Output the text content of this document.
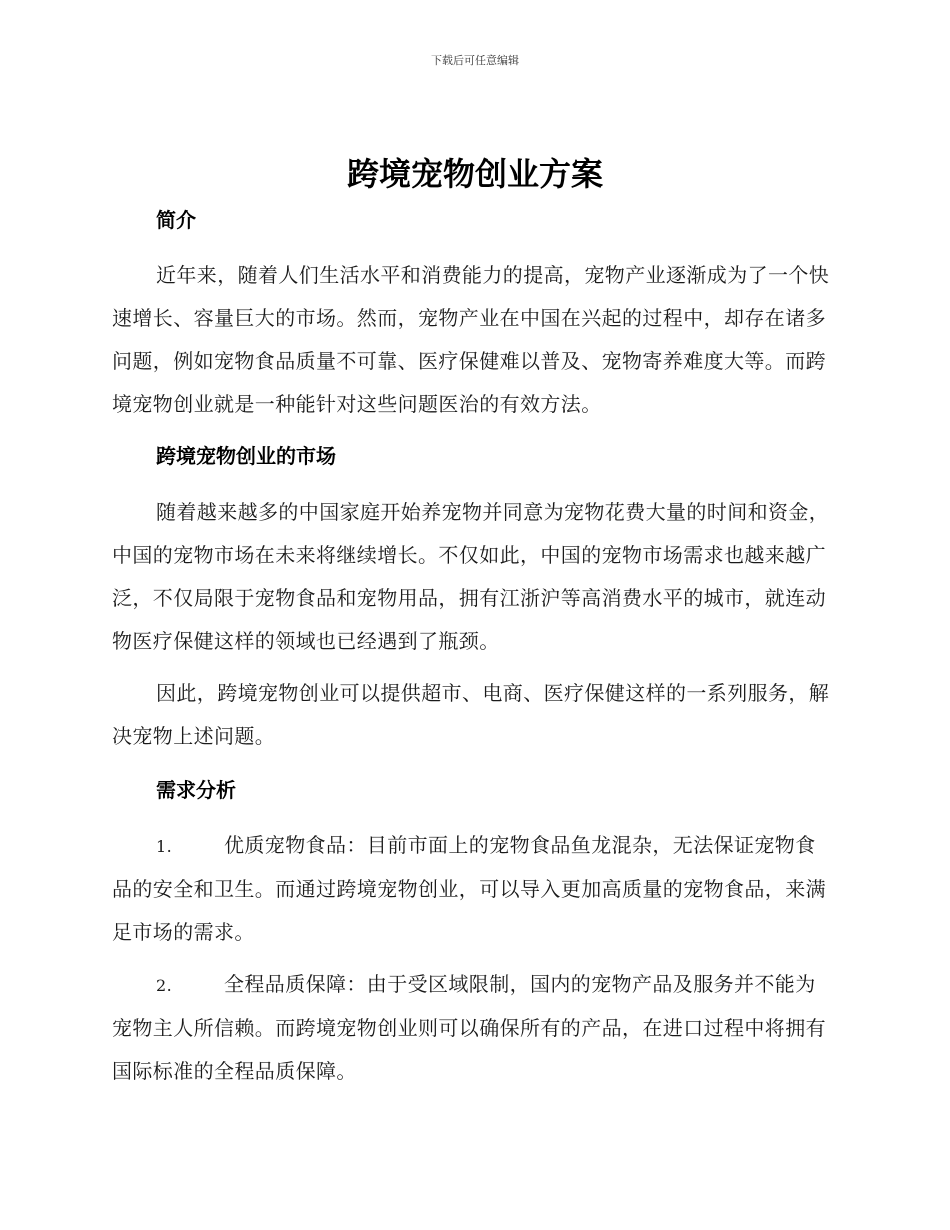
下载后可任意编辑
跨境宠物创业方案
简介

近年来，随着人们生活水平和消费能力的提高，宠物产业逐渐成为了一个快速增长、容量巨大的市场。然而，宠物产业在中国在兴起的过程中，却存在诸多问题，例如宠物食品质量不可靠、医疗保健难以普及、宠物寄养难度大等。而跨境宠物创业就是一种能针对这些问题医治的有效方法。

跨境宠物创业的市场

随着越来越多的中国家庭开始养宠物并同意为宠物花费大量的时间和资金，中国的宠物市场在未来将继续增长。不仅如此，中国的宠物市场需求也越来越广泛，不仅局限于宠物食品和宠物用品，拥有江浙沪等高消费水平的城市，就连动物医疗保健这样的领域也已经遇到了瓶颈。

因此，跨境宠物创业可以提供超市、电商、医疗保健这样的一系列服务，解决宠物上述问题。

需求分析

1.	优质宠物食品：目前市面上的宠物食品鱼龙混杂，无法保证宠物食品的安全和卫生。而通过跨境宠物创业，可以导入更加高质量的宠物食品，来满足市场的需求。

2.	全程品质保障：由于受区域限制，国内的宠物产品及服务并不能为宠物主人所信赖。而跨境宠物创业则可以确保所有的产品，在进口过程中将拥有国际标准的全程品质保障。
